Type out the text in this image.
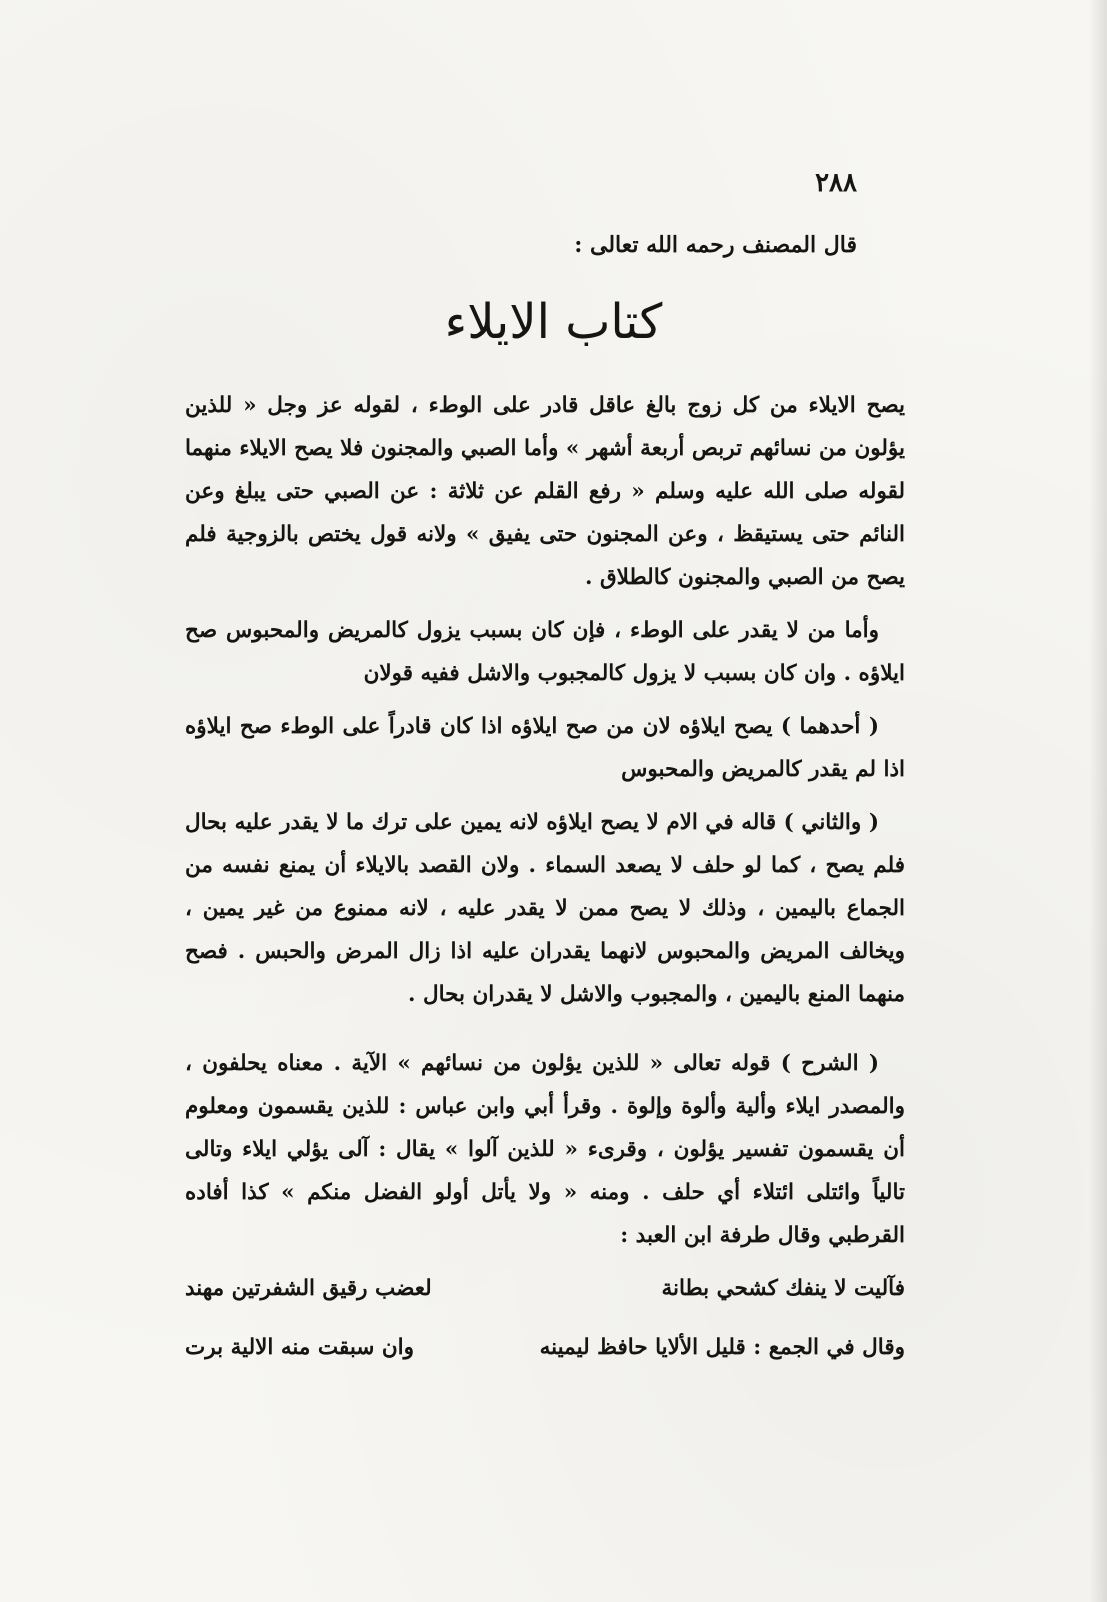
٢٨٨
قال المصنف رحمه الله تعالى :
كتاب الايلاء

يصح الايلاء من كل زوج بالغ عاقل قادر على الوطء ، لقوله عز وجل « للذين يؤلون من نسائهم تربص أربعة أشهر » وأما الصبي والمجنون فلا يصح الايلاء منهما لقوله صلى الله عليه وسلم « رفع القلم عن ثلاثة : عن الصبي حتى يبلغ وعن النائم حتى يستيقظ ، وعن المجنون حتى يفيق » ولانه قول يختص بالزوجية فلم يصح من الصبي والمجنون كالطلاق .

وأما من لا يقدر على الوطء ، فإن كان بسبب يزول كالمريض والمحبوس صح ايلاؤه . وان كان بسبب لا يزول كالمجبوب والاشل ففيه قولان

( أحدهما ) يصح ايلاؤه لان من صح ايلاؤه اذا كان قادراً على الوطء صح ايلاؤه اذا لم يقدر كالمريض والمحبوس

( والثاني ) قاله في الام لا يصح ايلاؤه لانه يمين على ترك ما لا يقدر عليه بحال فلم يصح ، كما لو حلف لا يصعد السماء . ولان القصد بالايلاء أن يمنع نفسه من الجماع باليمين ، وذلك لا يصح ممن لا يقدر عليه ، لانه ممنوع من غير يمين ، ويخالف المريض والمحبوس لانهما يقدران عليه اذا زال المرض والحبس . فصح منهما المنع باليمين ، والمجبوب والاشل لا يقدران بحال .

( الشرح ) قوله تعالى « للذين يؤلون من نسائهم » الآية . معناه يحلفون ، والمصدر ايلاء وألية وألوة وإلوة . وقرأ أبي وابن عباس : للذين يقسمون ومعلوم أن يقسمون تفسير يؤلون ، وقرىء « للذين آلوا » يقال : آلى يؤلي ايلاء وتالى تالياً وائتلى ائتلاء أي حلف . ومنه « ولا يأتل أولو الفضل منكم » كذا أفاده القرطبي وقال طرفة ابن العبد :

فآليت لا ينفك كشحي بطانة
لعضب رقيق الشفرتين مهند
وقال في الجمع : قليل الألايا حافظ ليمينه
وان سبقت منه الالية برت
